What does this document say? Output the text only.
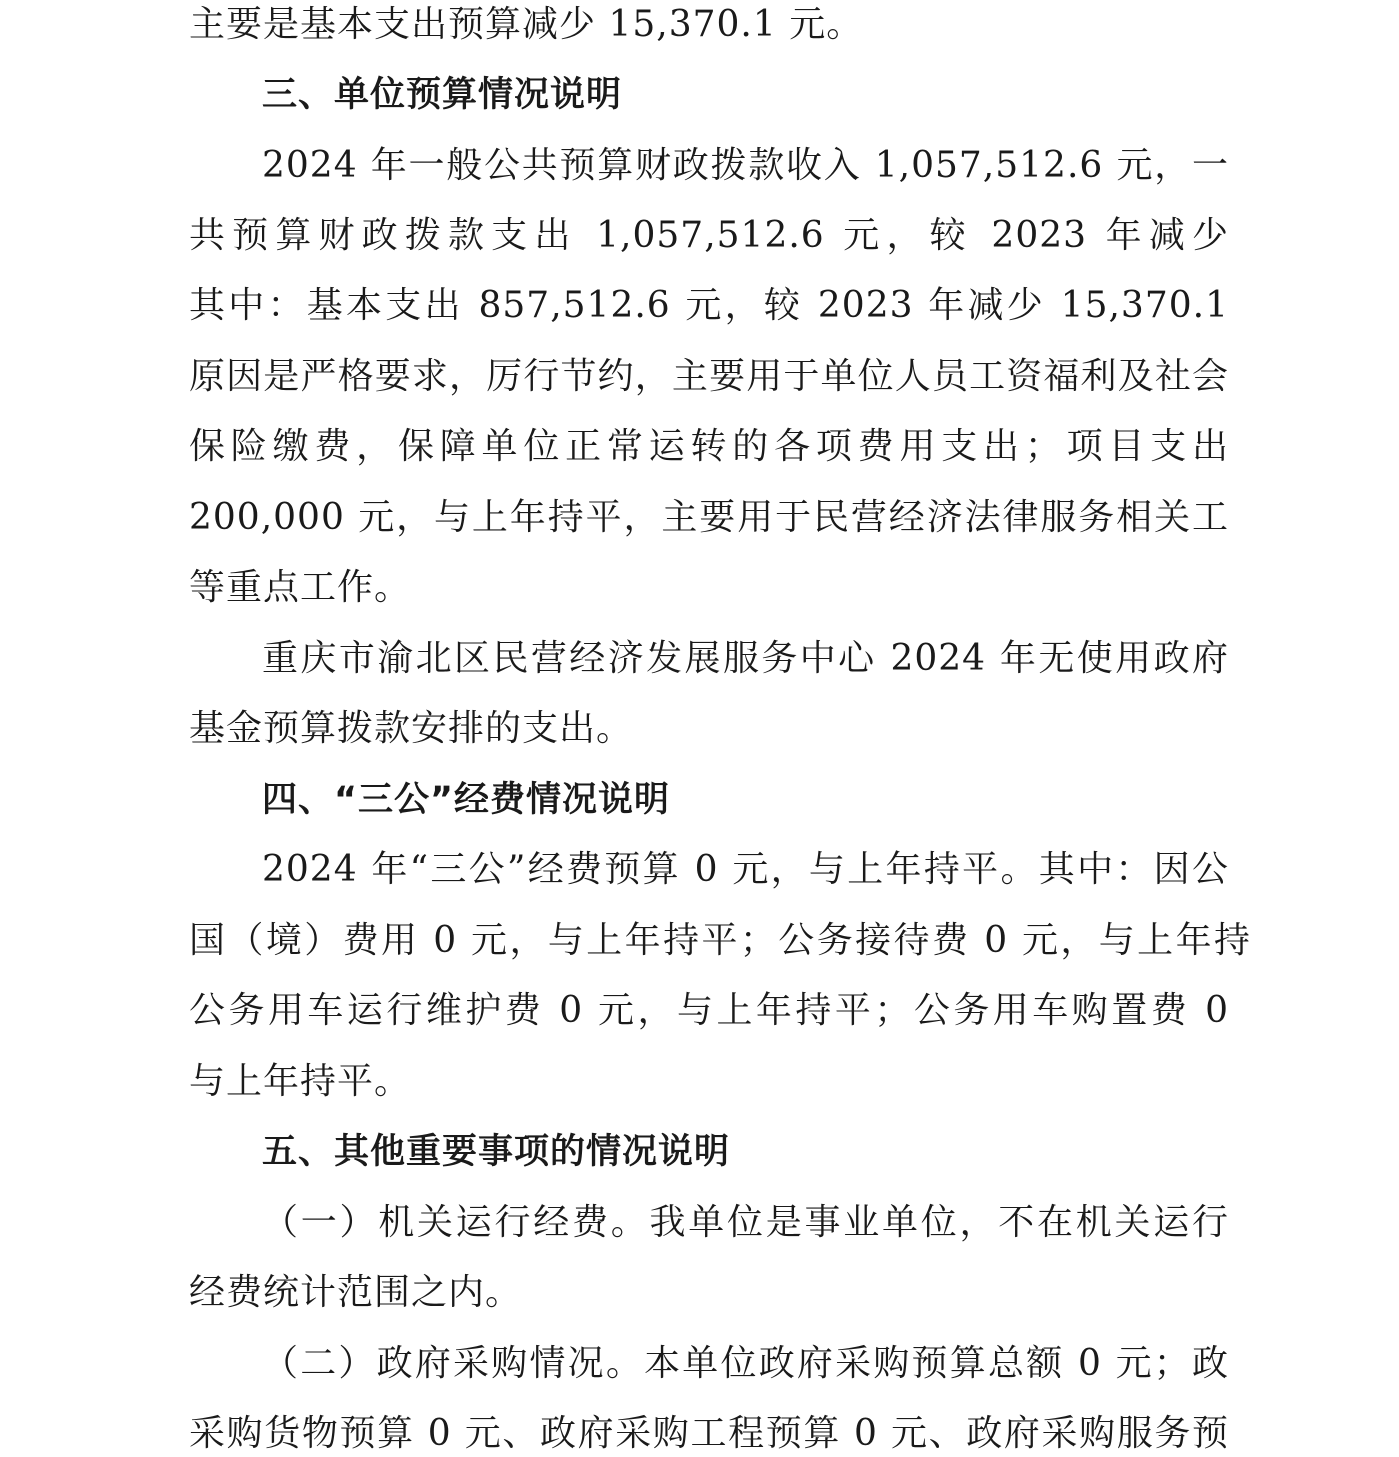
主要是基本支出预算减少 15,370.1 元。
三、单位预算情况说明
2024 年一般公共预算财政拨款收入 1,057,512.6 元，一
共预算财政拨款支出 1,057,512.6 元，较 2023 年减少
其中：基本支出 857,512.6 元，较 2023 年减少 15,370.1
原因是严格要求，厉行节约，主要用于单位人员工资福利及社会
保险缴费，保障单位正常运转的各项费用支出；项目支出
200,000 元，与上年持平，主要用于民营经济法律服务相关工
等重点工作。
重庆市渝北区民营经济发展服务中心 2024 年无使用政府
基金预算拨款安排的支出。
四、“三公”经费情况说明
2024 年“三公”经费预算 0 元，与上年持平。其中：因公
国（境）费用 0 元，与上年持平；公务接待费 0 元，与上年持
公务用车运行维护费 0 元，与上年持平；公务用车购置费 0
与上年持平。
五、其他重要事项的情况说明
（一）机关运行经费。我单位是事业单位，不在机关运行
经费统计范围之内。
（二）政府采购情况。本单位政府采购预算总额 0 元；政
采购货物预算 0 元、政府采购工程预算 0 元、政府采购服务预
